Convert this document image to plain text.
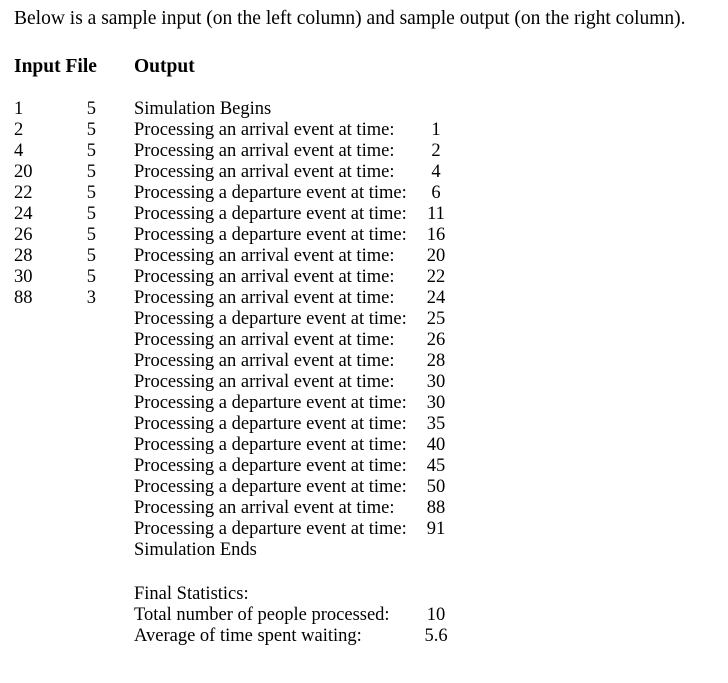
Below is a sample input (on the left column) and sample output (on the right column).
Input File Output
1
2
4
20
22
24
26
28
30
88
5
5
5
5
5
5
5
5
5
3
Simulation Begins
Processing an arrival event at time:
Processing an arrival event at time:
Processing an arrival event at time:
Processing a departure event at time:
Processing a departure event at time:
Processing a departure event at time:
Processing an arrival event at time:
Processing an arrival event at time:
Processing an arrival event at time:
Processing a departure event at time:
Processing an arrival event at time:
Processing an arrival event at time:
Processing an arrival event at time:
Processing a departure event at time:
Processing a departure event at time:
Processing a departure event at time:
Processing a departure event at time:
Processing a departure event at time:
Processing an arrival event at time:
Processing a departure event at time:
Simulation Ends
1
2
4
6
11
16
20
22
24
25
26
28
30
30
35
40
45
50
88
91
Final Statistics:
Total number of people processed:
Average of time spent waiting:
10
5.6
